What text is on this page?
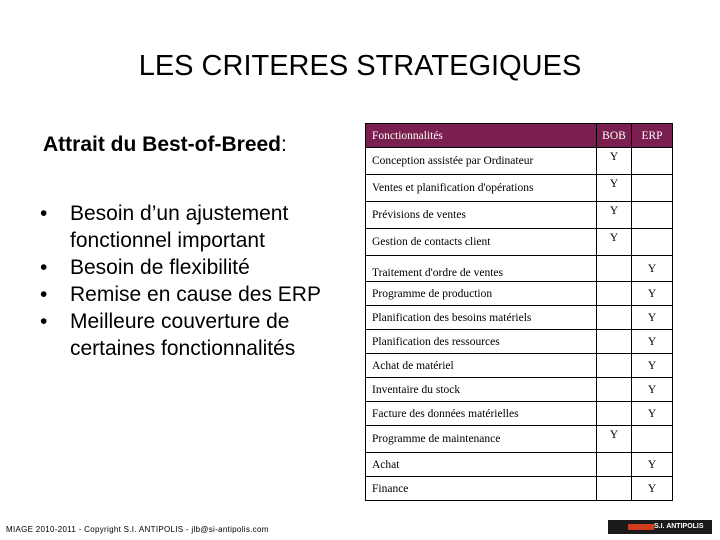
LES CRITERES STRATEGIQUES
Attrait du Best-of-Breed:
• Besoin d’un ajustement fonctionnel important
• Besoin de flexibilité
• Remise en cause des ERP
• Meilleure couverture de certaines fonctionnalités
Fonctionnalités	BOB	ERP
Conception assistée par Ordinateur	Y	
Ventes et planification d'opérations	Y	
Prévisions de ventes	Y	
Gestion de contacts client	Y	
Traitement d'ordre de ventes		Y
Programme de production		Y
Planification des besoins matériels		Y
Planification des ressources		Y
Achat de matériel		Y
Inventaire du stock		Y
Facture des données matérielles		Y
Programme de maintenance	Y	
Achat		Y
Finance		Y
MIAGE 2010-2011 - Copyright S.I. ANTIPOLIS - jlb@si-antipolis.com	S.I. ANTIPOLIS
